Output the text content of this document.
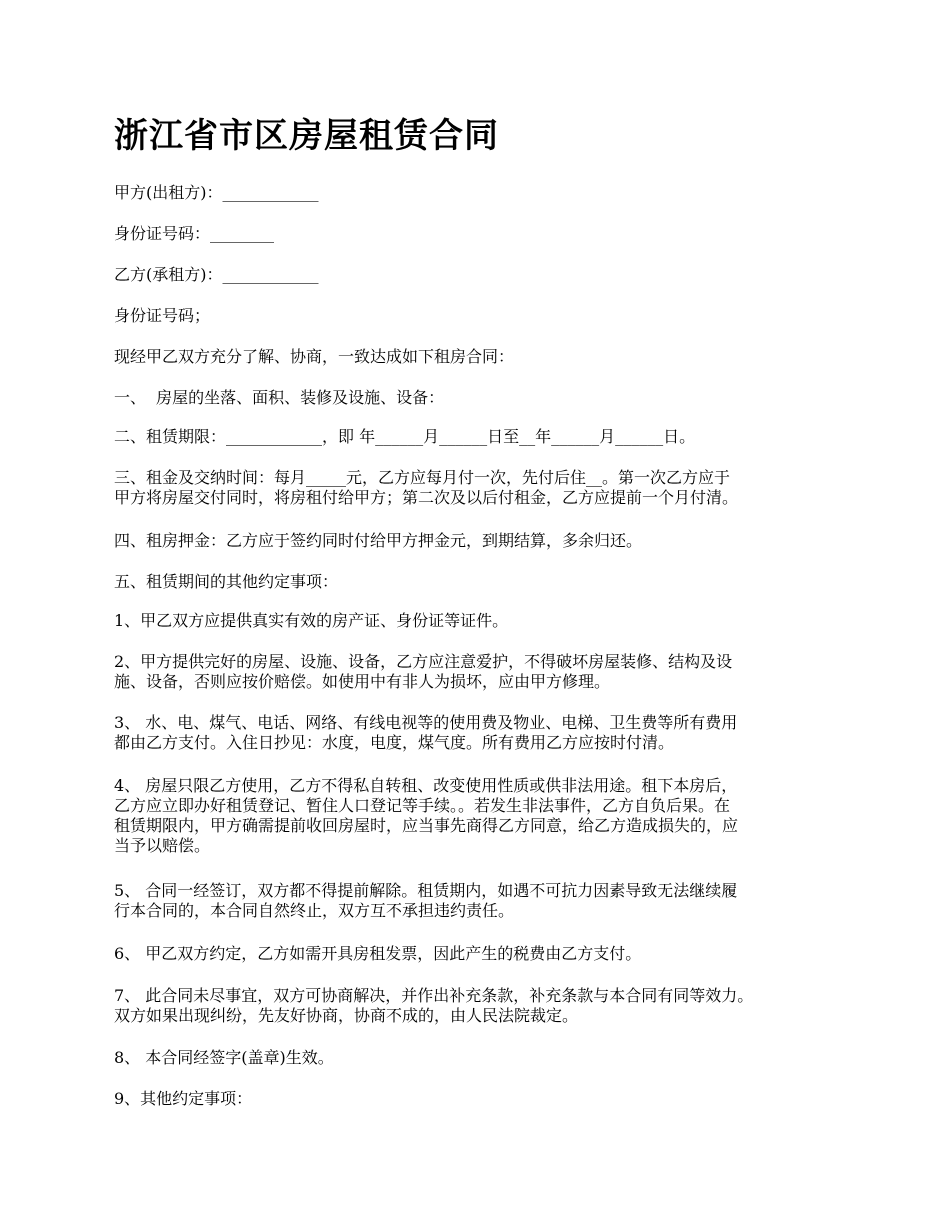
浙江省市区房屋租赁合同

甲方(出租方)：____________

身份证号码：________

乙方(承租方)：____________

身份证号码；

现经甲乙双方充分了解、协商，一致达成如下租房合同：

一、  房屋的坐落、面积、装修及设施、设备：

二、租赁期限：____________，即 年______月______日至__年______月______日。

三、租金及交纳时间：每月_____元，乙方应每月付一次，先付后住__。第一次乙方应于
甲方将房屋交付同时，将房租付给甲方；第二次及以后付租金，乙方应提前一个月付清。

四、租房押金：乙方应于签约同时付给甲方押金元，到期结算，多余归还。

五、租赁期间的其他约定事项：

1、甲乙双方应提供真实有效的房产证、身份证等证件。

2、甲方提供完好的房屋、设施、设备，乙方应注意爱护，不得破坏房屋装修、结构及设
施、设备，否则应按价赔偿。如使用中有非人为损坏，应由甲方修理。

3、 水、电、煤气、电话、网络、有线电视等的使用费及物业、电梯、卫生费等所有费用
都由乙方支付。入住日抄见：水度，电度，煤气度。所有费用乙方应按时付清。

4、 房屋只限乙方使用，乙方不得私自转租、改变使用性质或供非法用途。租下本房后，
乙方应立即办好租赁登记、暂住人口登记等手续。。若发生非法事件，乙方自负后果。在
租赁期限内，甲方确需提前收回房屋时，应当事先商得乙方同意，给乙方造成损失的，应
当予以赔偿。

5、 合同一经签订，双方都不得提前解除。租赁期内，如遇不可抗力因素导致无法继续履
行本合同的，本合同自然终止，双方互不承担违约责任。

6、 甲乙双方约定，乙方如需开具房租发票，因此产生的税费由乙方支付。

7、 此合同未尽事宜，双方可协商解决，并作出补充条款，补充条款与本合同有同等效力。
双方如果出现纠纷，先友好协商，协商不成的，由人民法院裁定。

8、 本合同经签字(盖章)生效。

9、其他约定事项：
